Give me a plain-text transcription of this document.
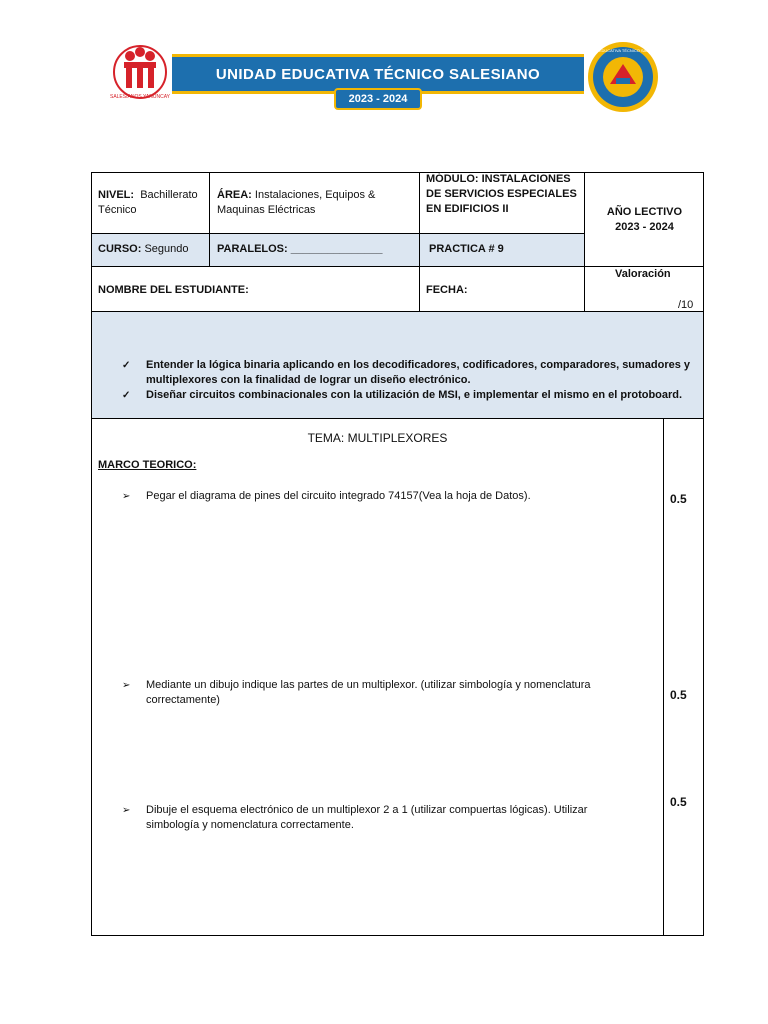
SALESIANOS YANUNCAY
UNIDAD EDUCATIVA TÉCNICO SALESIANO
2023 - 2024
UNIDAD EDUCATIVA TÉCNICO SALESIANO
NIVEL: Bachillerato
Técnico
ÁREA: Instalaciones, Equipos &
Maquinas Eléctricas
MÓDULO: INSTALACIONES
DE SERVICIOS ESPECIALES
EN EDIFICIOS II	AÑO LECTIVO
2023 - 2024
CURSO: Segundo	PARALELOS: _______________	PRACTICA # 9
NOMBRE DEL ESTUDIANTE:	FECHA:
Valoración
/10
✓	Entender la lógica binaria aplicando en los decodificadores, codificadores, comparadores, sumadores y
multiplexores con la finalidad de lograr un diseño electrónico.
✓	Diseñar circuitos combinacionales con la utilización de MSI, e implementar el mismo en el protoboard.
TEMA: MULTIPLEXORES
MARCO TEORICO:
➢	Pegar el diagrama de pines del circuito integrado 74157(Vea la hoja de Datos).	0.5
➢	Mediante un dibujo indique las partes de un multiplexor. (utilizar simbología y nomenclatura
correctamente)	0.5
➢	Dibuje el esquema electrónico de un multiplexor 2 a 1 (utilizar compuertas lógicas). Utilizar
simbología y nomenclatura correctamente.
0.5
